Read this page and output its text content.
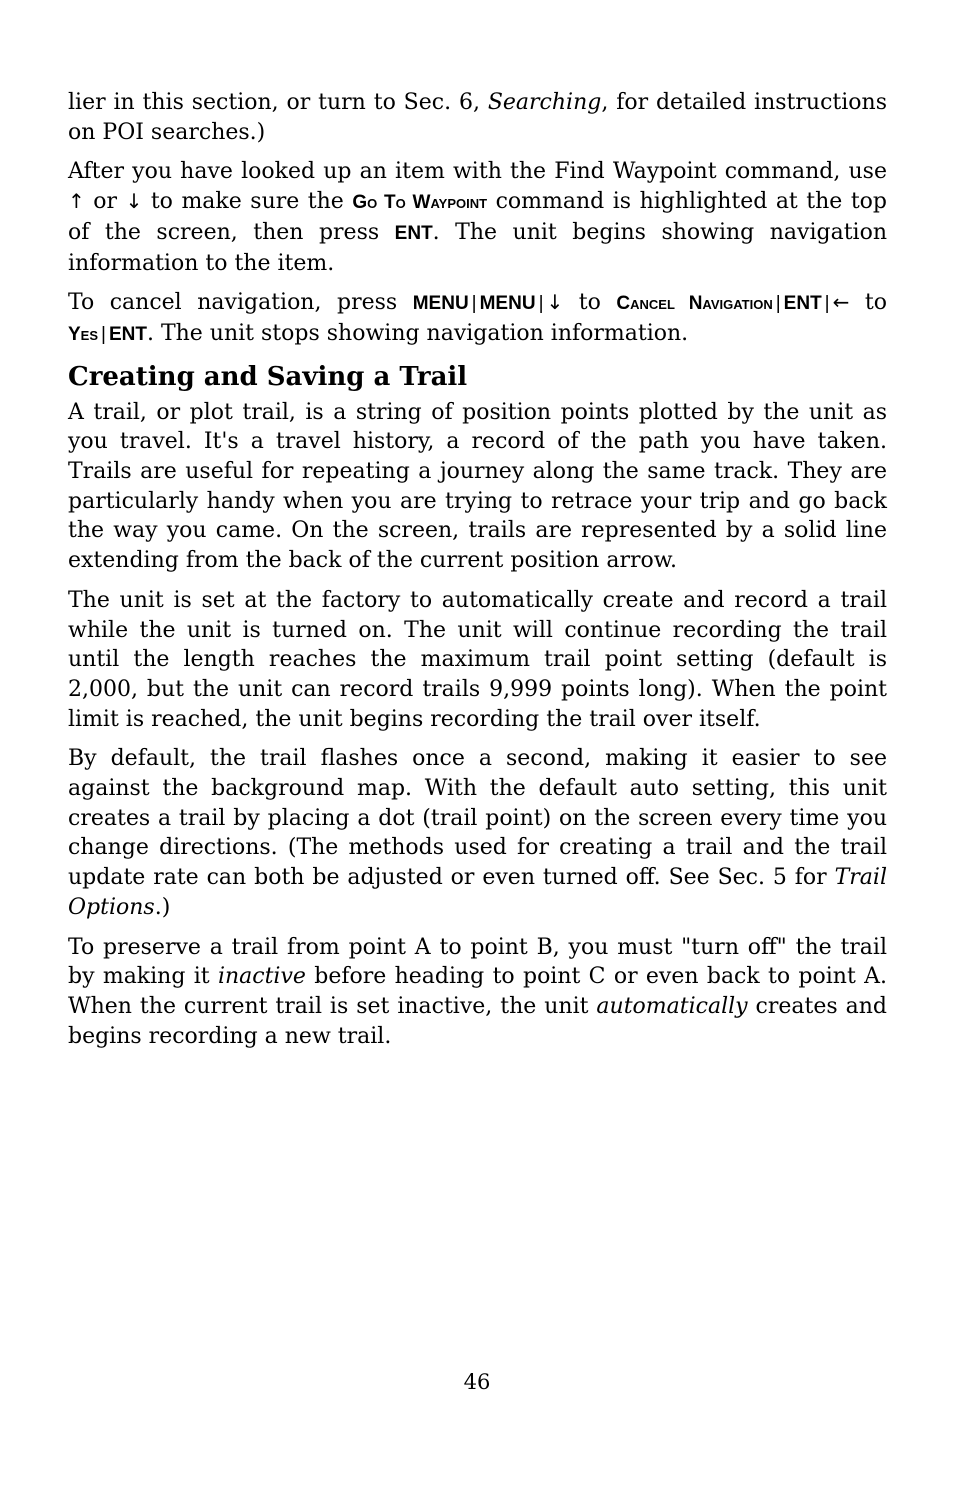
lier in this section, or turn to Sec. 6, Searching, for detailed instructions on POI searches.)

After you have looked up an item with the Find Waypoint command, use ↑ or ↓ to make sure the Go To Waypoint command is highlighted at the top of the screen, then press ENT. The unit begins showing navigation information to the item.

To cancel navigation, press MENU | MENU | ↓ to Cancel Navigation | ENT | ← to Yes | ENT. The unit stops showing navigation information.

Creating and Saving a Trail

A trail, or plot trail, is a string of position points plotted by the unit as you travel. It's a travel history, a record of the path you have taken. Trails are useful for repeating a journey along the same track. They are particularly handy when you are trying to retrace your trip and go back the way you came. On the screen, trails are represented by a solid line extending from the back of the current position arrow.

The unit is set at the factory to automatically create and record a trail while the unit is turned on. The unit will continue recording the trail until the length reaches the maximum trail point setting (default is 2,000, but the unit can record trails 9,999 points long). When the point limit is reached, the unit begins recording the trail over itself.

By default, the trail flashes once a second, making it easier to see against the background map. With the default auto setting, this unit creates a trail by placing a dot (trail point) on the screen every time you change directions. (The methods used for creating a trail and the trail update rate can both be adjusted or even turned off. See Sec. 5 for Trail Options.)

To preserve a trail from point A to point B, you must "turn off" the trail by making it inactive before heading to point C or even back to point A. When the current trail is set inactive, the unit automatically creates and begins recording a new trail.

46
